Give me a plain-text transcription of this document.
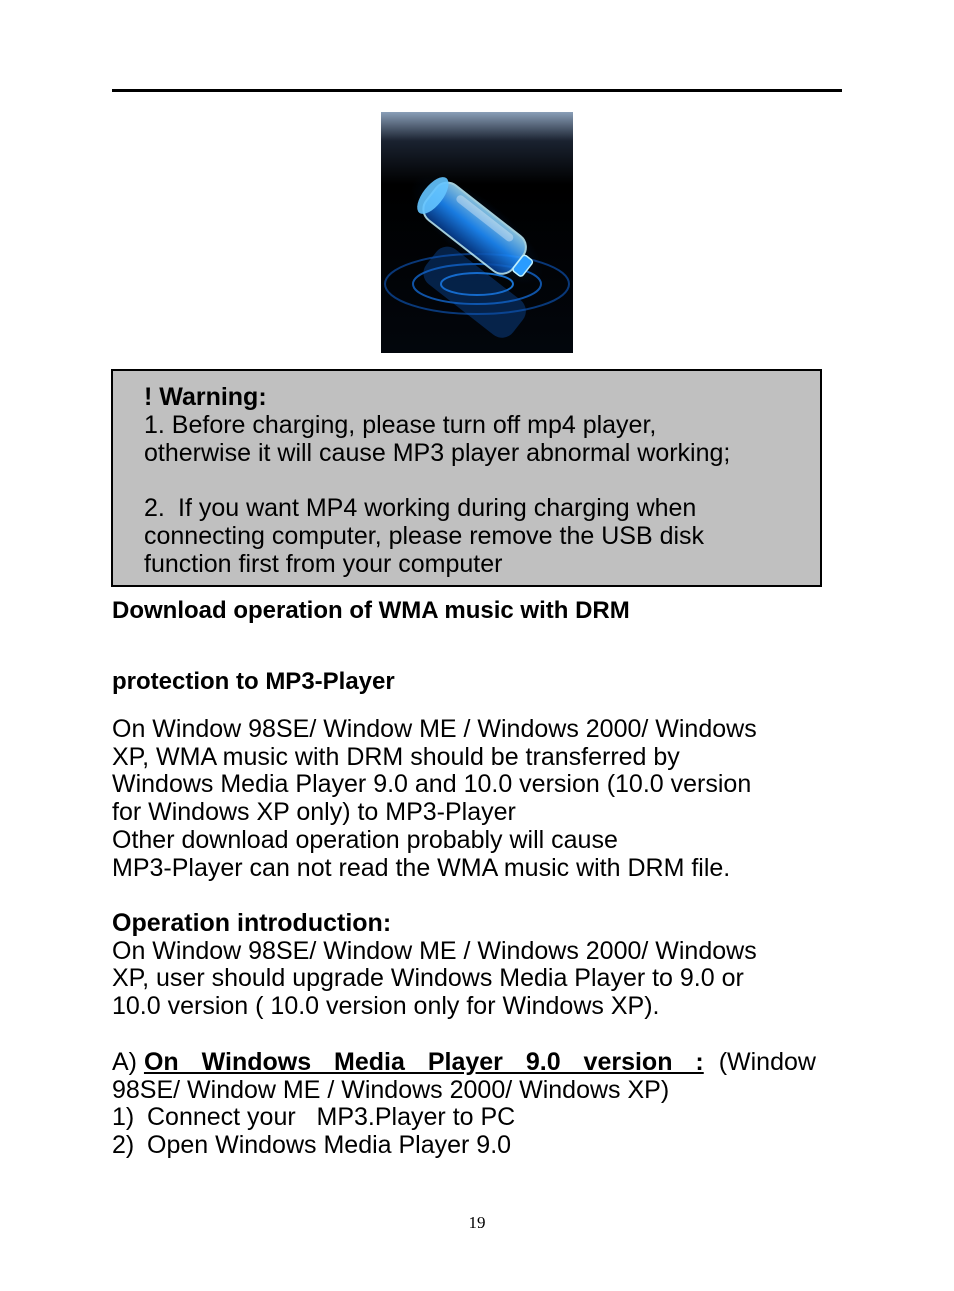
! Warning:

1. Before charging, please turn off mp4 player,

otherwise it will cause MP3 player abnormal working;

2. If you want MP4 working during charging when

connecting computer, please remove the USB disk

function first from your computer

Download operation of WMA music with DRM

protection to MP3-Player

On Window 98SE/ Window ME / Windows 2000/ Windows
XP, WMA music with DRM should be transferred by
Windows Media Player 9.0 and 10.0 version (10.0 version
for Windows XP only) to MP3-Player
Other download operation probably will cause
MP3-Player can not read the WMA music with DRM file.
Operation introduction:
On Window 98SE/ Window ME / Windows 2000/ Windows
XP, user should upgrade Windows Media Player to 9.0 or
10.0 version ( 10.0 version only for Windows XP).
A) On Windows Media Player 9.0 version : (Window
98SE/ Window ME / Windows 2000/ Windows XP)
1) Connect your   MP3.Player to PC
2) Open Windows Media Player 9.0
19
